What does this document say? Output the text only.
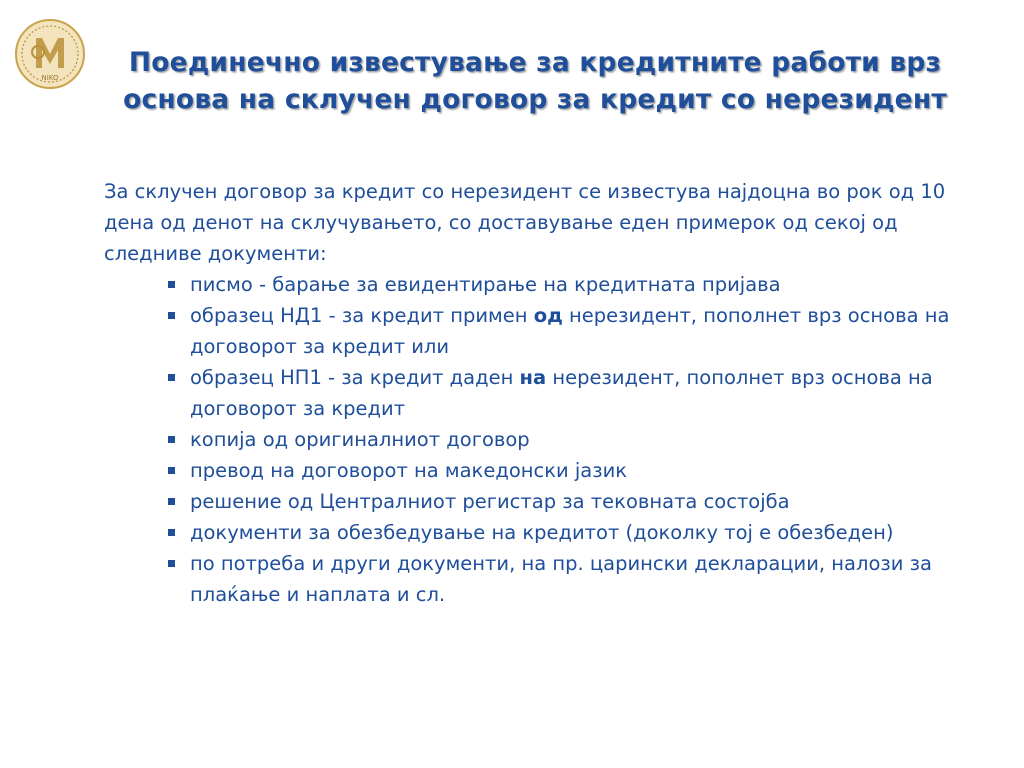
NIKO	Поединечно известување за кредитните работи врз
основа на склучен договор за кредит со нерезидент

За склучен договор за кредит со нерезидент се известува најдоцна во рок од 10 дена од денот на склучувањето, со доставување еден примерок од секој од следниве документи:

писмо - барање за евидентирање на кредитната пријава
образец НД1 - за кредит примен од нерезидент, пополнет врз основа на договорот за кредит или
образец НП1 - за кредит даден на нерезидент, пополнет врз основа на договорот за кредит
копија од оригиналниот договор
превод на договорот на македонски јазик
решение од Централниот регистар за тековната состојба
документи за обезбедување на кредитот (доколку тој е обезбеден)
по потреба и други документи, на пр. царински декларации, налози за плаќање и наплата и сл.
